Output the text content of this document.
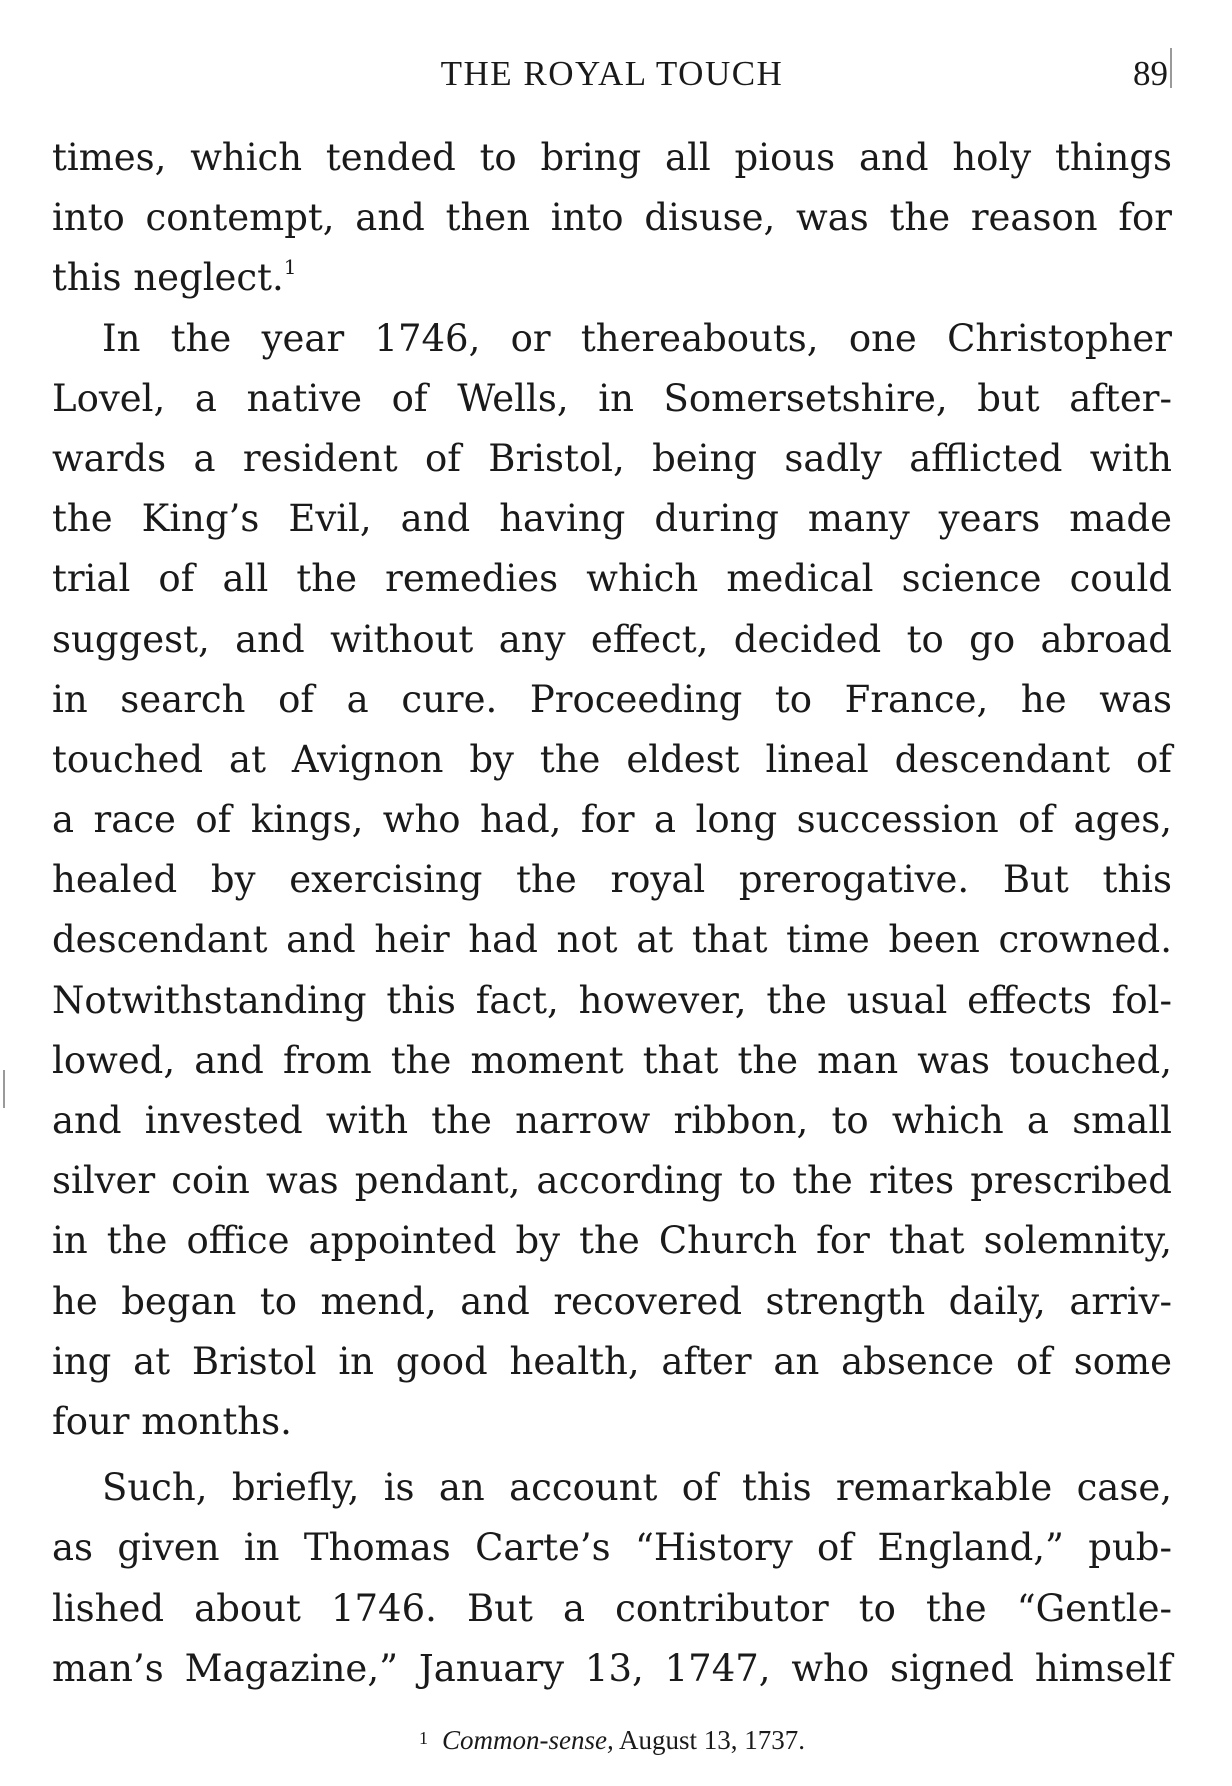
THE ROYAL TOUCH	89
times, which tended to bring all pious and holy things
into contempt, and then into disuse, was the reason for
this neglect.$^1$
In the year 1746, or thereabouts, one Christopher
Lovel, a native of Wells, in Somersetshire, but after-
wards a resident of Bristol, being sadly afflicted with
the King’s Evil, and having during many years made
trial of all the remedies which medical science could
suggest, and without any effect, decided to go abroad
in search of a cure. Proceeding to France, he was
touched at Avignon by the eldest lineal descendant of
a race of kings, who had, for a long succession of ages,
healed by exercising the royal prerogative. But this
descendant and heir had not at that time been crowned.
Notwithstanding this fact, however, the usual effects fol-
lowed, and from the moment that the man was touched,
and invested with the narrow ribbon, to which a small
silver coin was pendant, according to the rites prescribed
in the office appointed by the Church for that solemnity,
he began to mend, and recovered strength daily, arriv-
ing at Bristol in good health, after an absence of some
four months.
Such, briefly, is an account of this remarkable case,
as given in Thomas Carte’s “History of England,” pub-
lished about 1746. But a contributor to the “Gentle-
man’s Magazine,” January 13, 1747, who signed himself
1 Common-sense, August 13, 1737.
